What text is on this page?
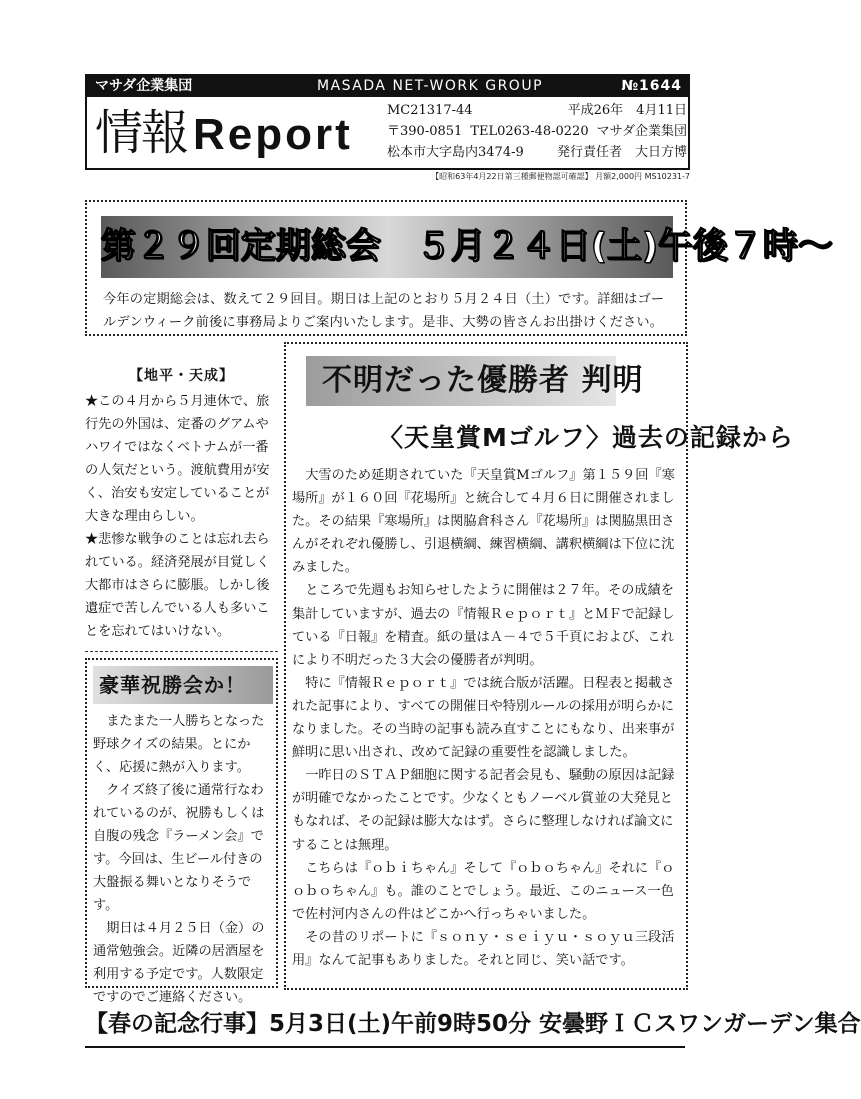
マサダ企業集団	MASADA NET-WORK GROUP	№1644
情報 Report	MC21317-44	平成26年　4月11日
〒390-0851 TEL0263-48-0220 マサダ企業集団
松本市大字島内3474-9	発行責任者　大日方博
【昭和63年4月22日第三種郵便物認可確認】 月額2,000円 MS10231-7
第２９回定期総会　５月２４日(土)午後７時〜
今年の定期総会は、数えて２９回目。期日は上記のとおり５月２４日（土）です。詳細はゴールデンウィーク前後に事務局よりご案内いたします。是非、大勢の皆さんお出掛けください。
【地平・天成】

★この４月から５月連休で、旅行先の外国は、定番のグアムやハワイではなくベトナムが一番の人気だという。渡航費用が安く、治安も安定していることが大きな理由らしい。

★悲惨な戦争のことは忘れ去られている。経済発展が目覚しく大都市はさらに膨脹。しかし後遺症で苦しんでいる人も多いことを忘れてはいけない。

豪華祝勝会か！

またまた一人勝ちとなった野球クイズの結果。とにかく、応援に熱が入ります。

クイズ終了後に通常行なわれているのが、祝勝もしくは自腹の残念『ラーメン会』です。今回は、生ビール付きの大盤振る舞いとなりそうです。

期日は４月２５日（金）の通常勉強会。近隣の居酒屋を利用する予定です。人数限定ですのでご連絡ください。

不明だった優勝者 判明
〈天皇賞Mゴルフ〉過去の記録から

大雪のため延期されていた『天皇賞Mゴルフ』第１５９回『寒場所』が１６０回『花場所』と統合して４月６日に開催されました。その結果『寒場所』は関脇倉科さん『花場所』は関脇黒田さんがそれぞれ優勝し、引退横綱、練習横綱、講釈横綱は下位に沈みました。

ところで先週もお知らせしたように開催は２７年。その成績を集計していますが、過去の『情報Ｒｅｐｏｒｔ』とＭＦで記録している『日報』を精査。紙の量はＡ－４で５千頁におよび、これにより不明だった３大会の優勝者が判明。

特に『情報Ｒｅｐｏｒｔ』では統合版が活躍。日程表と掲載された記事により、すべての開催日や特別ルールの採用が明らかになりました。その当時の記事も読み直すことにもなり、出来事が鮮明に思い出され、改めて記録の重要性を認識しました。

一昨日のＳＴＡＰ細胞に関する記者会見も、騒動の原因は記録が明確でなかったことです。少なくともノーベル賞並の大発見ともなれば、その記録は膨大なはず。さらに整理しなければ論文にすることは無理。

こちらは『ｏｂｉちゃん』そして『ｏｂｏちゃん』それに『ｏｏｂｏちゃん』も。誰のことでしょう。最近、このニュース一色で佐村河内さんの件はどこかへ行っちゃいました。

その昔のリポートに『ｓｏｎｙ・ｓｅｉｙｕ・ｓｏｙｕ三段活用』なんて記事もありました。それと同じ、笑い話です。

【春の記念行事】5月3日(土)午前9時50分 安曇野ＩＣスワンガーデン集合
